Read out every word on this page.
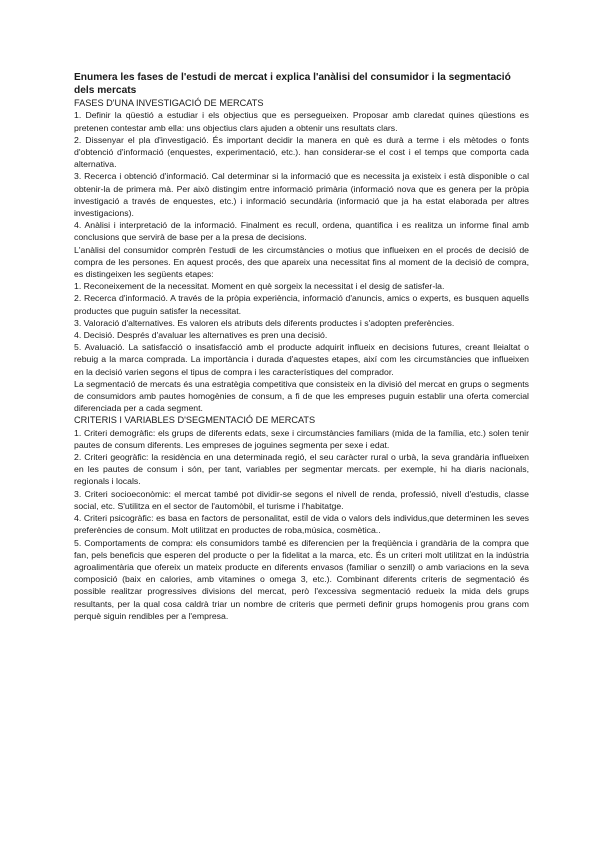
Enumera les fases de l'estudi de mercat i explica l'anàlisi del consumidor i la segmentació dels mercats
FASES D'UNA INVESTIGACIÓ DE MERCATS

1. Definir la qüestió a estudiar i els objectius que es persegueixen. Proposar amb claredat quines qüestions es pretenen contestar amb ella: uns objectius clars ajuden a obtenir uns resultats clars.

2. Dissenyar el pla d'investigació. És important decidir la manera en què es durà a terme i els mètodes o fonts d'obtenció d'informació (enquestes, experimentació, etc.). han considerar-se el cost i el temps que comporta cada alternativa.

3. Recerca i obtenció d'informació. Cal determinar si la informació que es necessita ja existeix i està disponible o cal obtenir-la de primera mà. Per això distingim entre informació primària (informació nova que es genera per la pròpia investigació a través de enquestes, etc.) i informació secundària (informació que ja ha estat elaborada per altres investigacions).

4. Anàlisi i interpretació de la informació. Finalment es recull, ordena, quantifica i es realitza un informe final amb conclusions que servirà de base per a la presa de decisions.

L'anàlisi del consumidor comprèn l'estudi de les circumstàncies o motius que influeixen en el procés de decisió de compra de les persones. En aquest procés, des que apareix una necessitat fins al moment de la decisió de compra, es distingeixen les següents etapes:

1. Reconeixement de la necessitat. Moment en què sorgeix la necessitat i el desig de satisfer-la.

2. Recerca d'informació. A través de la pròpia experiència, informació d'anuncis, amics o experts, es busquen aquells productes que puguin satisfer la necessitat.

3. Valoració d'alternatives. Es valoren els atributs dels diferents productes i s'adopten preferències.

4. Decisió. Després d'avaluar les alternatives es pren una decisió.

5. Avaluació. La satisfacció o insatisfacció amb el producte adquirit influeix en decisions futures, creant lleialtat o rebuig a la marca comprada. La importància i durada d'aquestes etapes, així com les circumstàncies que influeixen en la decisió varien segons el tipus de compra i les característiques del comprador.

La segmentació de mercats és una estratègia competitiva que consisteix en la divisió del mercat en grups o segments de consumidors amb pautes homogènies de consum, a fi de que les empreses puguin establir una oferta comercial diferenciada per a cada segment.

CRITERIS I VARIABLES D'SEGMENTACIÓ DE MERCATS

1. Criteri demogràfic: els grups de diferents edats, sexe i circumstàncies familiars (mida de la família, etc.) solen tenir pautes de consum diferents. Les empreses de joguines segmenta per sexe i edat.

2. Criteri geogràfic: la residència en una determinada regió, el seu caràcter rural o urbà, la seva grandària influeixen en les pautes de consum i són, per tant, variables per segmentar mercats. per exemple, hi ha diaris nacionals, regionals i locals.

3. Criteri socioeconòmic: el mercat també pot dividir-se segons el nivell de renda, professió, nivell d'estudis, classe social, etc. S'utilitza en el sector de l'automòbil, el turisme i l'habitatge.

4. Criteri psicogràfic: es basa en factors de personalitat, estil de vida o valors dels individus,que determinen les seves preferències de consum. Molt utilitzat en productes de roba,música, cosmètica..

5. Comportaments de compra: els consumidors també es diferencien per la freqüència i grandària de la compra que fan, pels beneficis que esperen del producte o per la fidelitat a la marca, etc. És un criteri molt utilitzat en la indústria agroalimentària que ofereix un mateix producte en diferents envasos (familiar o senzill) o amb variacions en la seva composició (baix en calories, amb vitamines o omega 3, etc.). Combinant diferents criteris de segmentació és possible realitzar progressives divisions del mercat, però l'excessiva segmentació redueix la mida dels grups resultants, per la qual cosa caldrà triar un nombre de criteris que permeti definir grups homogenis prou grans com perquè siguin rendibles per a l'empresa.
